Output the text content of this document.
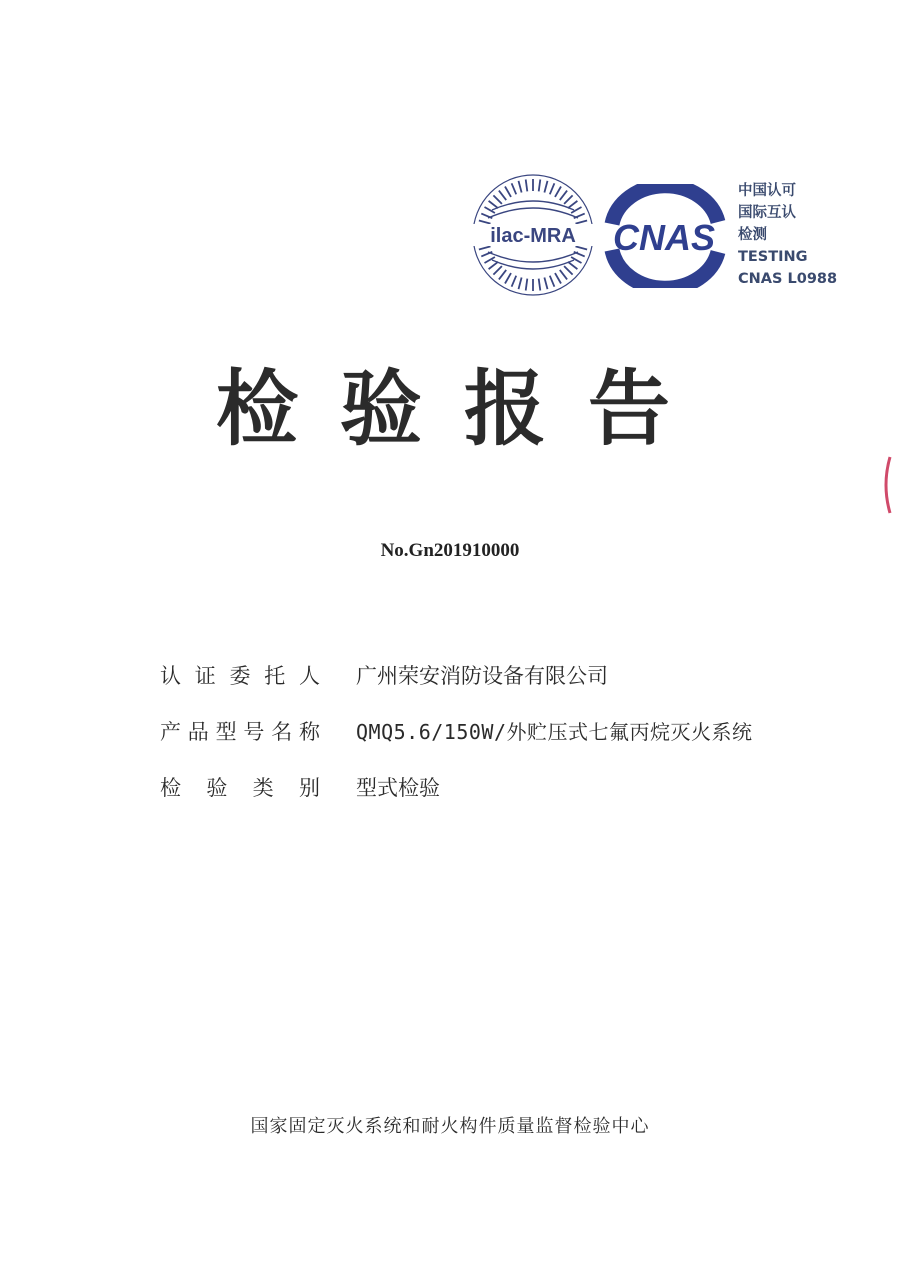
ilac-MRA CNAS
中国认可
国际互认
检测
TESTING
CNAS L0988
检验报告
No.Gn201910000
认 证 委 托 人 广州荣安消防设备有限公司
产 品 型 号 名 称 QMQ5.6/150W/外贮压式七氟丙烷灭火系统
检 验 类 别 型式检验
国家固定灭火系统和耐火构件质量监督检验中心
